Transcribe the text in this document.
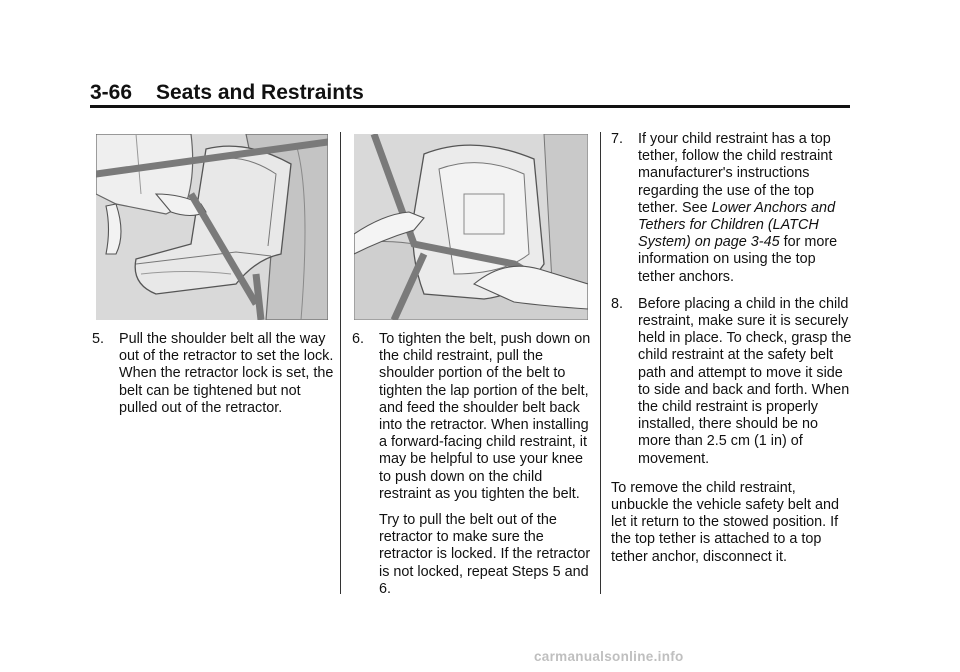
3-66 Seats and Restraints
5. Pull the shoulder belt all the way out of the retractor to set the lock. When the retractor lock is set, the belt can be tightened but not pulled out of the retractor.

6. To tighten the belt, push down on the child restraint, pull the shoulder portion of the belt to tighten the lap portion of the belt, and feed the shoulder belt back into the retractor. When installing a forward-facing child restraint, it may be helpful to use your knee to push down on the child restraint as you tighten the belt.

Try to pull the belt out of the retractor to make sure the retractor is locked. If the retractor is not locked, repeat Steps 5 and 6.

7. If your child restraint has a top tether, follow the child restraint manufacturer's instructions regarding the use of the top tether. See Lower Anchors and Tethers for Children (LATCH System) on page 3-45 for more information on using the top tether anchors.

8. Before placing a child in the child restraint, make sure it is securely held in place. To check, grasp the child restraint at the safety belt path and attempt to move it side to side and back and forth. When the child restraint is properly installed, there should be no more than 2.5 cm (1 in) of movement.

To remove the child restraint, unbuckle the vehicle safety belt and let it return to the stowed position. If the top tether is attached to a top tether anchor, disconnect it.

carmanualsonline.info
